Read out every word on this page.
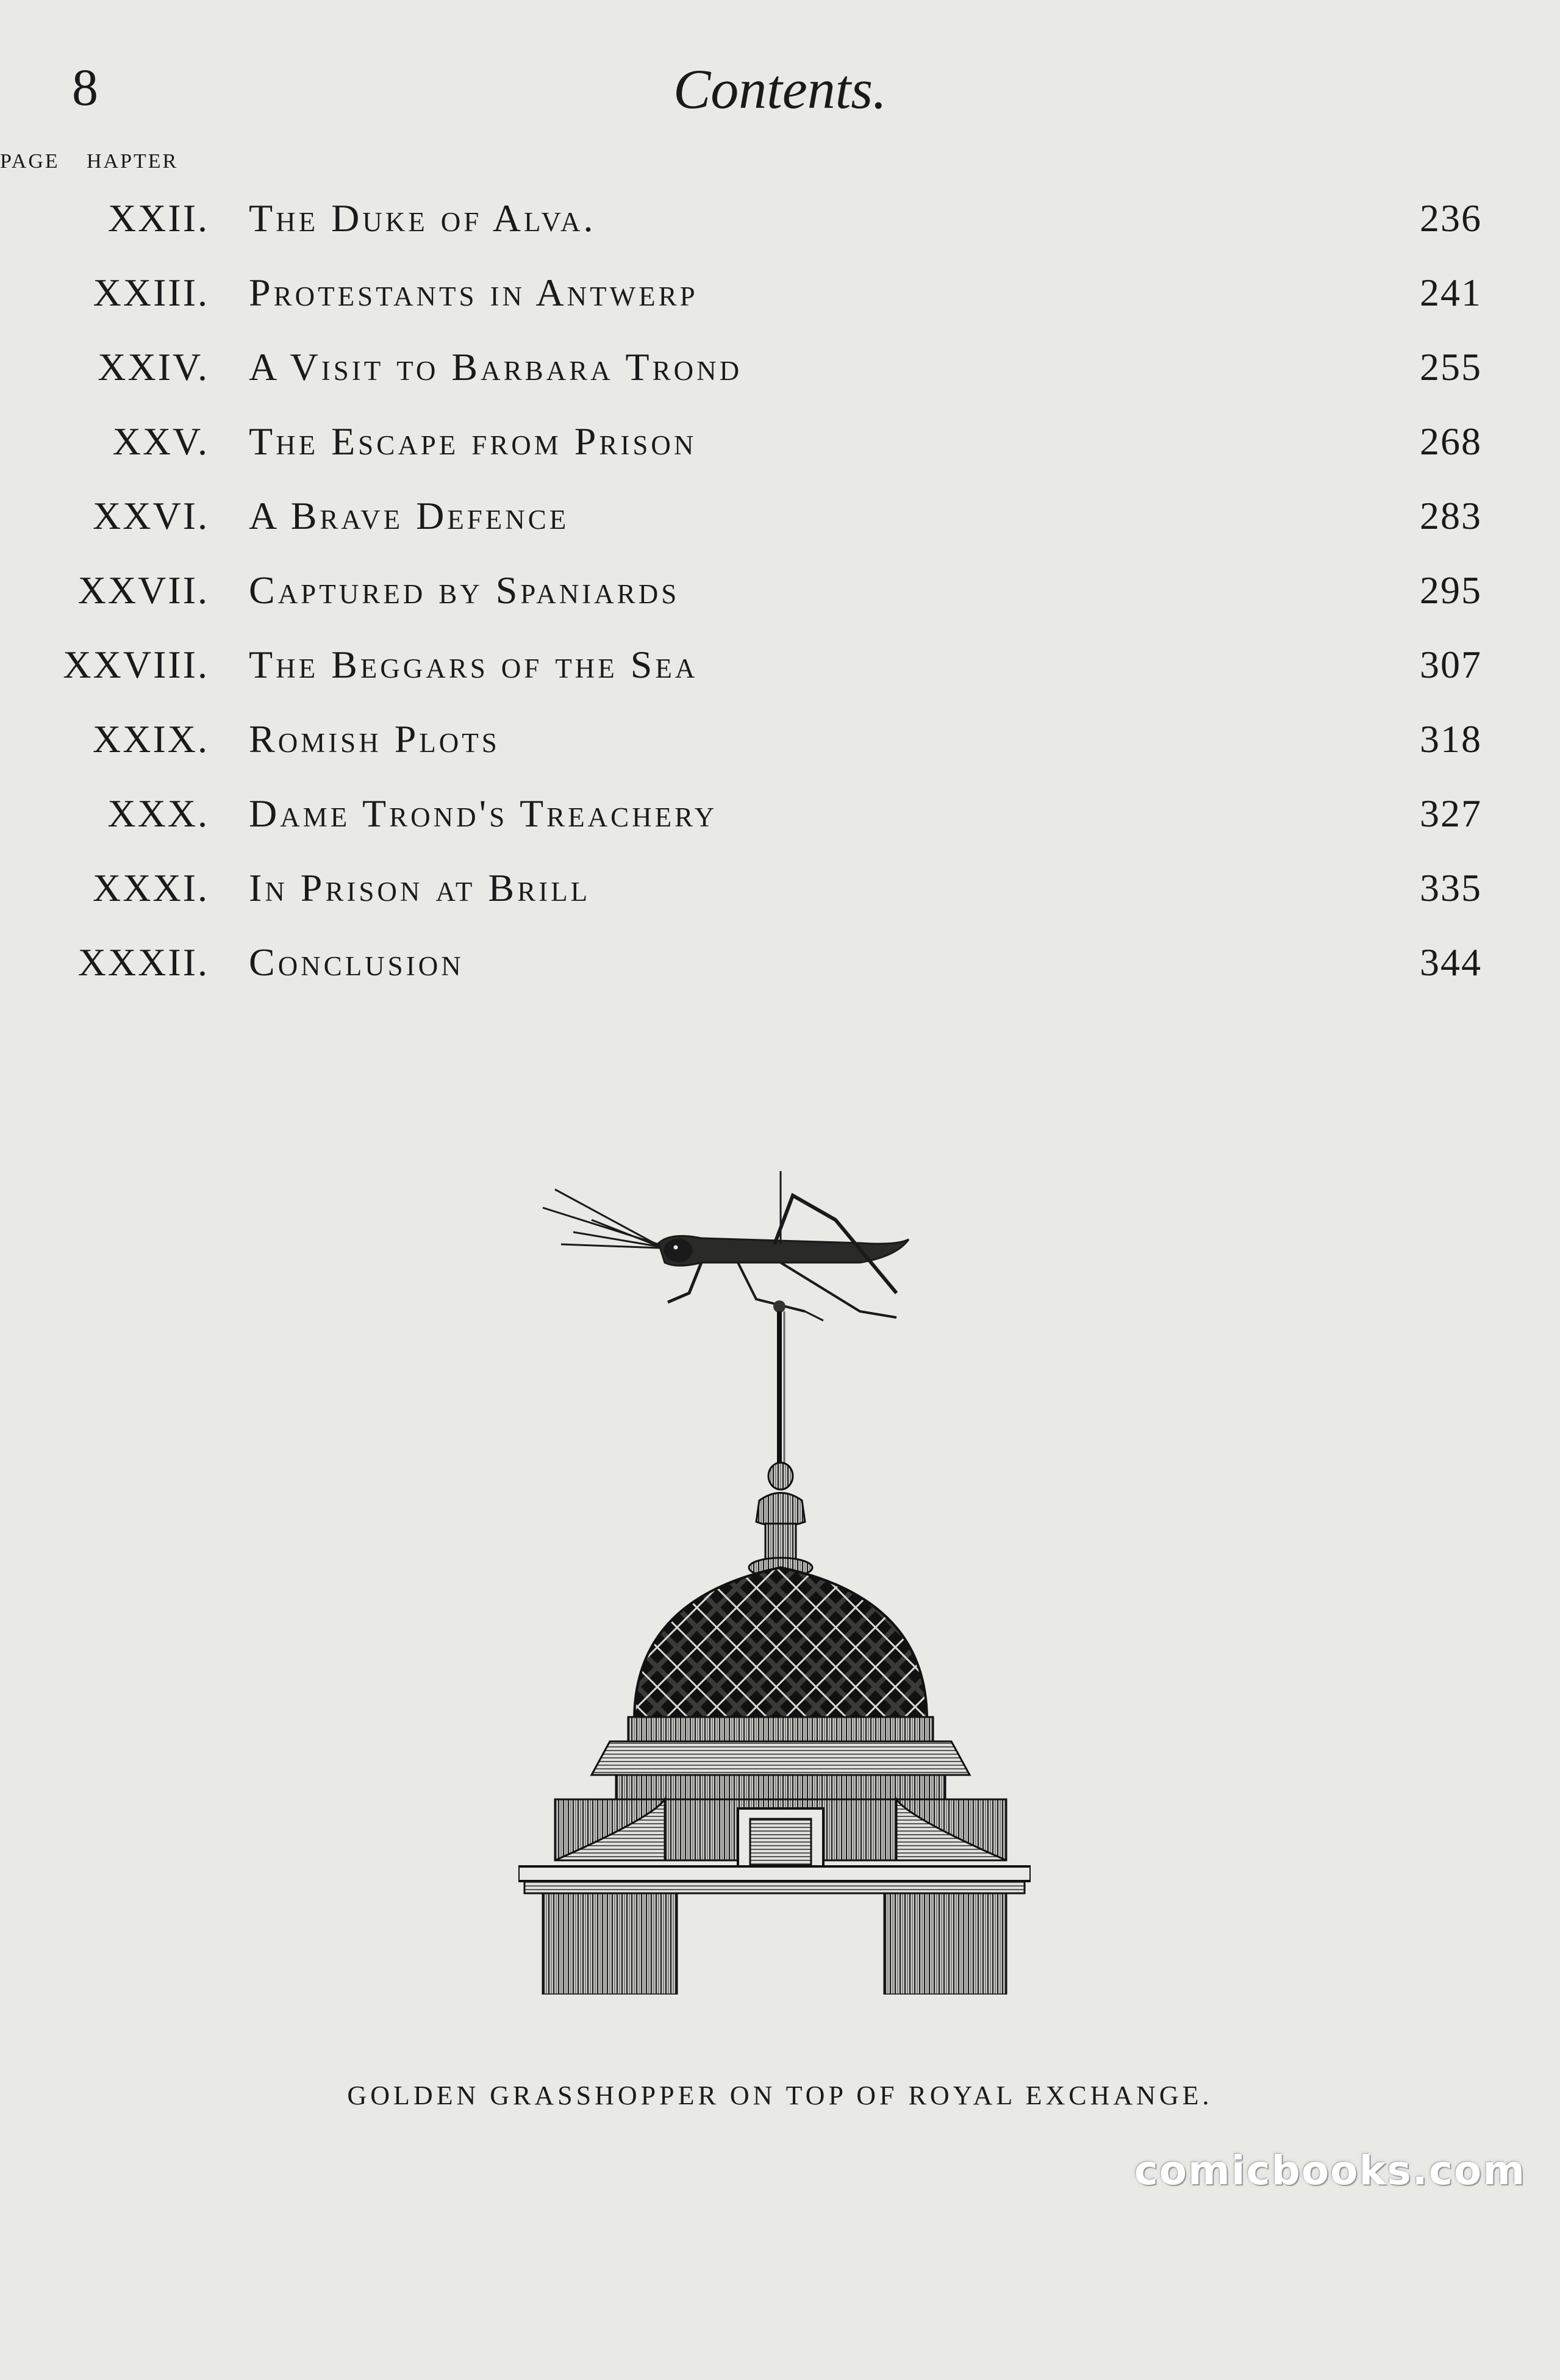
8	Contents.
HAPTER
PAGE
XXII. The Duke of Alva.	236
XXIII. Protestants in Antwerp	241
XXIV. A Visit to Barbara Trond	255
XXV. The Escape from Prison	268
XXVI. A Brave Defence	283
XXVII. Captured by Spaniards	295
XXVIII. The Beggars of the Sea	307
XXIX. Romish Plots	318
XXX. Dame Trond's Treachery	327
XXXI. In Prison at Brill	335
XXXII. Conclusion	344
GOLDEN GRASSHOPPER ON TOP OF ROYAL EXCHANGE.
comicbooks.com
